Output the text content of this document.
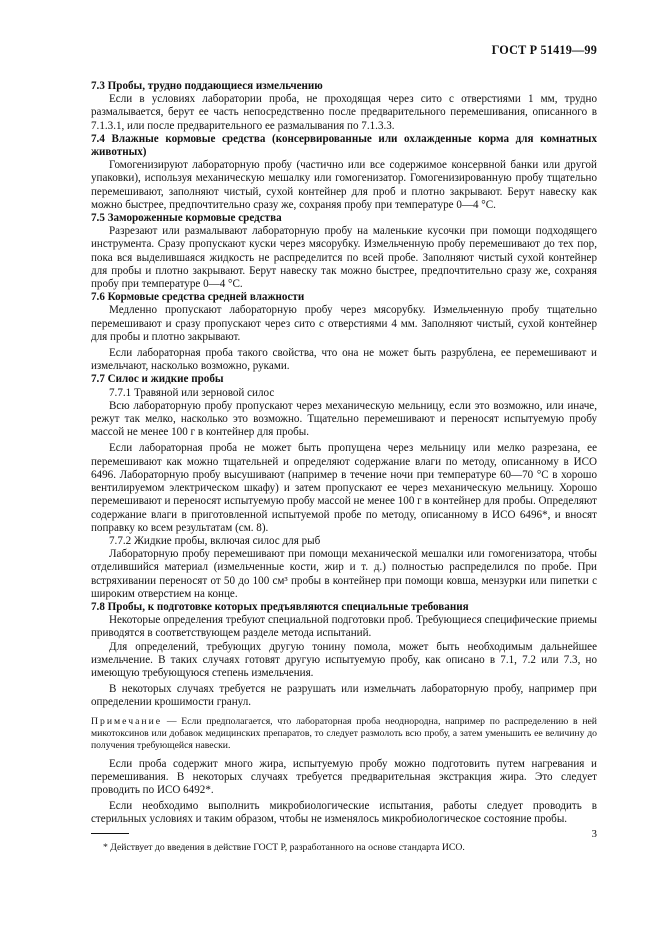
ГОСТ Р 51419—99

7.3 Пробы, трудно поддающиеся измельчению

Если в условиях лаборатории проба, не проходящая через сито с отверстиями 1 мм, трудно размалывается, берут ее часть непосредственно после предварительного перемешивания, описанного в 7.1.3.1, или после предварительного ее размалывания по 7.1.3.3.

7.4 Влажные кормовые средства (консервированные или охлажденные корма для комнатных животных)

Гомогенизируют лабораторную пробу (частично или все содержимое консервной банки или другой упаковки), используя механическую мешалку или гомогенизатор. Гомогенизированную пробу тщательно перемешивают, заполняют чистый, сухой контейнер для проб и плотно закрывают. Берут навеску как можно быстрее, предпочтительно сразу же, сохраняя пробу при температуре 0—4 °С.

7.5 Замороженные кормовые средства

Разрезают или размалывают лабораторную пробу на маленькие кусочки при помощи подходящего инструмента. Сразу пропускают куски через мясорубку. Измельченную пробу перемешивают до тех пор, пока вся выделившаяся жидкость не распределится по всей пробе. Заполняют чистый сухой контейнер для пробы и плотно закрывают. Берут навеску так можно быстрее, предпочтительно сразу же, сохраняя пробу при температуре 0—4 °С.

7.6 Кормовые средства средней влажности

Медленно пропускают лабораторную пробу через мясорубку. Измельченную пробу тщательно перемешивают и сразу пропускают через сито с отверстиями 4 мм. Заполняют чистый, сухой контейнер для пробы и плотно закрывают.

Если лабораторная проба такого свойства, что она не может быть разрублена, ее перемешивают и измельчают, насколько возможно, руками.

7.7 Силос и жидкие пробы

7.7.1 Травяной или зерновой силос

Всю лабораторную пробу пропускают через механическую мельницу, если это возможно, или иначе, режут так мелко, насколько это возможно. Тщательно перемешивают и переносят испытуемую пробу массой не менее 100 г в контейнер для пробы.

Если лабораторная проба не может быть пропущена через мельницу или мелко разрезана, ее перемешивают как можно тщательней и определяют содержание влаги по методу, описанному в ИСО 6496. Лабораторную пробу высушивают (например в течение ночи при температуре 60—70 °С в хорошо вентилируемом электрическом шкафу) и затем пропускают ее через механическую мельницу. Хорошо перемешивают и переносят испытуемую пробу массой не менее 100 г в контейнер для пробы. Определяют содержание влаги в приготовленной испытуемой пробе по методу, описанному в ИСО 6496*, и вносят поправку ко всем результатам (см. 8).

7.7.2 Жидкие пробы, включая силос для рыб

Лабораторную пробу перемешивают при помощи механической мешалки или гомогенизатора, чтобы отделившийся материал (измельченные кости, жир и т. д.) полностью распределился по пробе. При встряхивании переносят от 50 до 100 см³ пробы в контейнер при помощи ковша, мензурки или пипетки с широким отверстием на конце.

7.8 Пробы, к подготовке которых предъявляются специальные требования

Некоторые определения требуют специальной подготовки проб. Требующиеся специфические приемы приводятся в соответствующем разделе метода испытаний.

Для определений, требующих другую тонину помола, может быть необходимым дальнейшее измельчение. В таких случаях готовят другую испытуемую пробу, как описано в 7.1, 7.2 или 7.3, но имеющую требующуюся степень измельчения.

В некоторых случаях требуется не разрушать или измельчать лабораторную пробу, например при определении крошимости гранул.

Примечание — Если предполагается, что лабораторная проба неоднородна, например по распределению в ней микотоксинов или добавок медицинских препаратов, то следует размолоть всю пробу, а затем уменьшить ее величину до получения требующейся навески.

Если проба содержит много жира, испытуемую пробу можно подготовить путем нагревания и перемешивания. В некоторых случаях требуется предварительная экстракция жира. Это следует проводить по ИСО 6492*.

Если необходимо выполнить микробиологические испытания, работы следует проводить в стерильных условиях и таким образом, чтобы не изменялось микробиологическое состояние пробы.

* Действует до введения в действие ГОСТ Р, разработанного на основе стандарта ИСО.

3
